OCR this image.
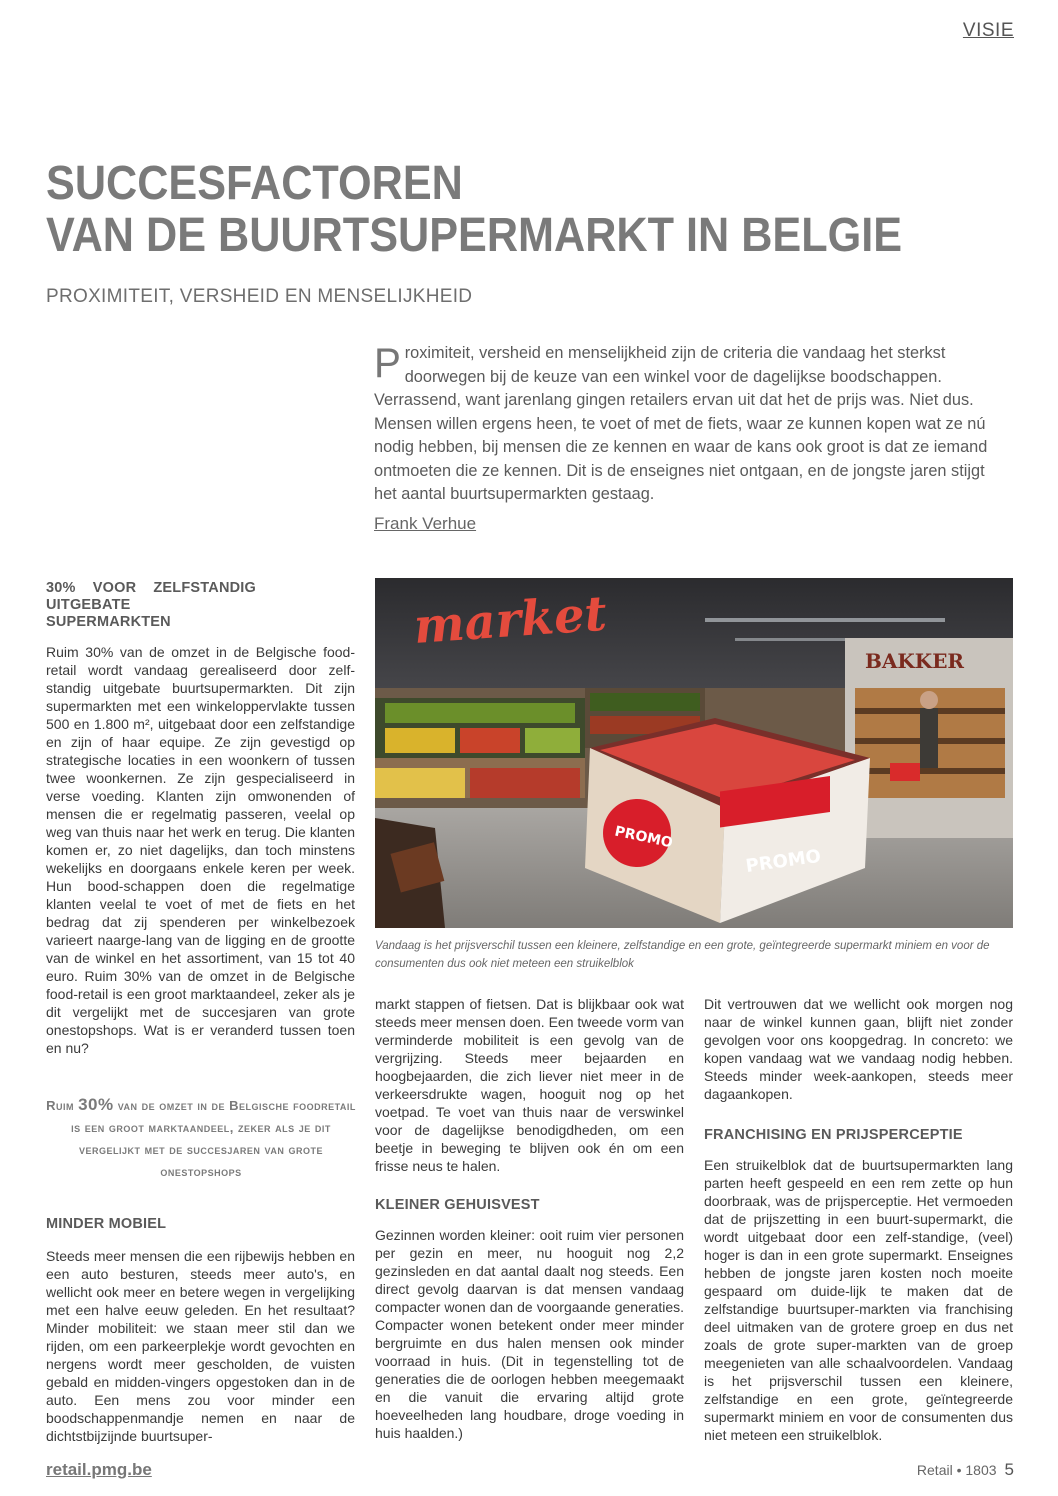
VISIE
SUCCESFACTOREN
VAN DE BUURTSUPERMARKT IN BELGIE
PROXIMITEIT, VERSHEID EN MENSELIJKHEID
Proximiteit, versheid en menselijkheid zijn de criteria die vandaag het sterkst doorwegen bij de keuze van een winkel voor de dagelijkse boodschappen. Verrassend, want jarenlang gingen retailers ervan uit dat het de prijs was. Niet dus. Mensen willen ergens heen, te voet of met de fiets, waar ze kunnen kopen wat ze nú nodig hebben, bij mensen die ze kennen en waar de kans ook groot is dat ze iemand ontmoeten die ze kennen. Dit is de enseignes niet ontgaan, en de jongste jaren stijgt het aantal buurtsupermarkten gestaag.
Frank Verhue
30% VOOR ZELFSTANDIG UITGEBATE SUPERMARKTEN

Ruim 30% van de omzet in de Belgische food-retail wordt vandaag gerealiseerd door zelf-standig uitgebate buurtsupermarkten. Dit zijn supermarkten met een winkeloppervlakte tussen 500 en 1.800 m², uitgebaat door een zelfstandige en zijn of haar equipe. Ze zijn gevestigd op strategische locaties in een woonkern of tussen twee woonkernen. Ze zijn gespecialiseerd in verse voeding. Klanten zijn omwonenden of mensen die er regelmatig passeren, veelal op weg van thuis naar het werk en terug. Die klanten komen er, zo niet dagelijks, dan toch minstens wekelijks en doorgaans enkele keren per week. Hun bood-schappen doen die regelmatige klanten veelal te voet of met de fiets en het bedrag dat zij spenderen per winkelbezoek varieert naarge-lang van de ligging en de grootte van de winkel en het assortiment, van 15 tot 40 euro. Ruim 30% van de omzet in de Belgische food-retail is een groot marktaandeel, zeker als je dit vergelijkt met de succesjaren van grote onestopshops. Wat is er veranderd tussen toen en nu?

Ruim 30% van de omzet in de Belgische foodretail is een groot marktaandeel, zeker als je dit vergelijkt met de succesjaren van grote onestopshops
MINDER MOBIEL

Steeds meer mensen die een rijbewijs hebben en een auto besturen, steeds meer auto's, en wellicht ook meer en betere wegen in vergelijking met een halve eeuw geleden. En het resultaat? Minder mobiliteit: we staan meer stil dan we rijden, om een parkeerplekje wordt gevochten en nergens wordt meer gescholden, de vuisten gebald en midden-vingers opgestoken dan in de auto. Een mens zou voor minder een boodschappenmandje nemen en naar de dichtstbijzijnde buurtsuper-

BAKKER
market
PROMO
PROMO
Vandaag is het prijsverschil tussen een kleinere, zelfstandige en een grote, geïntegreerde supermarkt miniem en voor de consumenten dus ook niet meteen een struikelblok

markt stappen of fietsen. Dat is blijkbaar ook wat steeds meer mensen doen. Een tweede vorm van verminderde mobiliteit is een gevolg van de vergrijzing. Steeds meer bejaarden en hoogbejaarden, die zich liever niet meer in de verkeersdrukte wagen, hooguit nog op het voetpad. Te voet van thuis naar de verswinkel voor de dagelijkse benodigdheden, om een beetje in beweging te blijven ook én om een frisse neus te halen.

KLEINER GEHUISVEST

Gezinnen worden kleiner: ooit ruim vier personen per gezin en meer, nu hooguit nog 2,2 gezinsleden en dat aantal daalt nog steeds. Een direct gevolg daarvan is dat mensen vandaag compacter wonen dan de voorgaande generaties. Compacter wonen betekent onder meer minder bergruimte en dus halen mensen ook minder voorraad in huis. (Dit in tegenstelling tot de generaties die de oorlogen hebben meegemaakt en die vanuit die ervaring altijd grote hoeveelheden lang houdbare, droge voeding in huis haalden.)

Dit vertrouwen dat we wellicht ook morgen nog naar de winkel kunnen gaan, blijft niet zonder gevolgen voor ons koopgedrag. In concreto: we kopen vandaag wat we vandaag nodig hebben. Steeds minder week-aankopen, steeds meer dagaankopen.

FRANCHISING EN PRIJSPERCEPTIE

Een struikelblok dat de buurtsupermarkten lang parten heeft gespeeld en een rem zette op hun doorbraak, was de prijsperceptie. Het vermoeden dat de prijszetting in een buurt-supermarkt, die wordt uitgebaat door een zelf-standige, (veel) hoger is dan in een grote supermarkt. Enseignes hebben de jongste jaren kosten noch moeite gespaard om duide-lijk te maken dat de zelfstandige buurtsuper-markten via franchising deel uitmaken van de grotere groep en dus net zoals de grote super-markten van de groep meegenieten van alle schaalvoordelen. Vandaag is het prijsverschil tussen een kleinere, zelfstandige en een grote, geïntegreerde supermarkt miniem en voor de consumenten dus niet meteen een struikelblok.

retail.pmg.be	Retail • 1803 5
